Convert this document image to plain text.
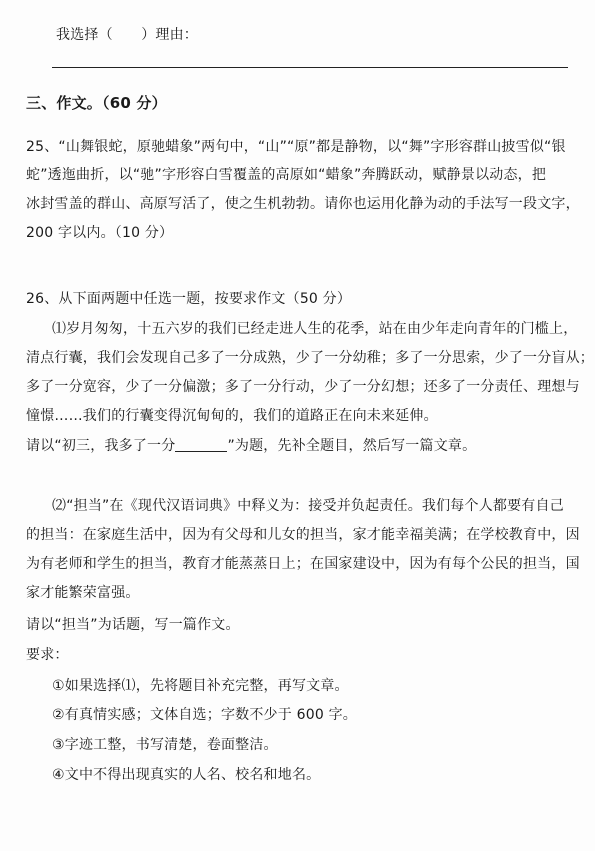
我选择（　　）理由：
三、作文。（60 分）
25、“山舞银蛇，原驰蜡象”两句中，“山”“原”都是静物，以“舞”字形容群山披雪似“银
蛇”透迤曲折，以“驰”字形容白雪覆盖的高原如“蜡象”奔腾跃动，赋静景以动态，把
冰封雪盖的群山、高原写活了，使之生机勃勃。请你也运用化静为动的手法写一段文字，
200 字以内。（10 分）
26、从下面两题中任选一题，按要求作文（50 分）
⑴岁月匆匆，十五六岁的我们已经走进人生的花季，站在由少年走向青年的门槛上，
清点行囊，我们会发现自己多了一分成熟，少了一分幼稚；多了一分思索，少了一分盲从；
多了一分宽容，少了一分偏激；多了一分行动，少了一分幻想；还多了一分责任、理想与
憧憬……我们的行囊变得沉甸甸的，我们的道路正在向未来延伸。
请以“初三，我多了一分	”为题，先补全题目，然后写一篇文章。
⑵“担当”在《现代汉语词典》中释义为：接受并负起责任。我们每个人都要有自己
的担当：在家庭生活中，因为有父母和儿女的担当，家才能幸福美满；在学校教育中，因
为有老师和学生的担当，教育才能蒸蒸日上；在国家建设中，因为有每个公民的担当，国
家才能繁荣富强。
请以“担当”为话题，写一篇作文。
要求：
①如果选择⑴，先将题目补充完整，再写文章。
②有真情实感；文体自选；字数不少于 600 字。
③字迹工整，书写清楚，卷面整洁。
④文中不得出现真实的人名、校名和地名。
